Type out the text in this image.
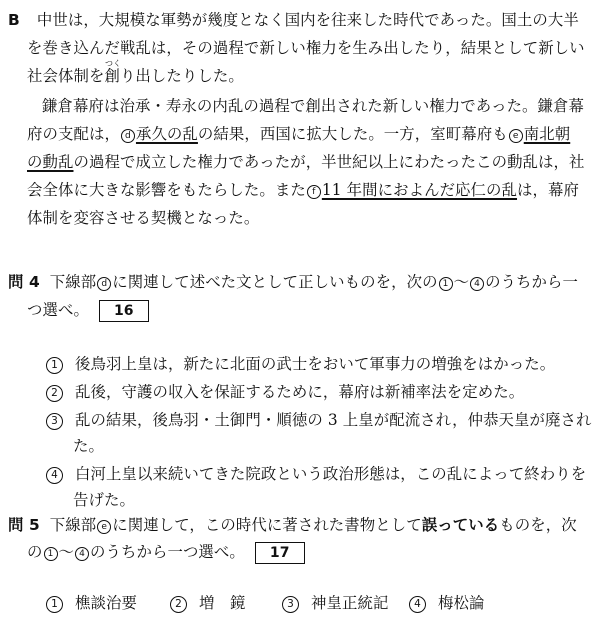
B 中世は，大規模な軍勢が幾度となく国内を往来した時代であった。国土の大半
を巻き込んだ戦乱は，その過程で新しい権力を生み出したり，結果として新しい
つく
社会体制を創り出したりした。
鎌倉幕府は治承・寿永の内乱の過程で創出された新しい権力であった。鎌倉幕
府の支配は， d 承久の乱の結果，西国に拡大した。一方，室町幕府も e 南北朝
の動乱の過程で成立した権力であったが，半世紀以上にわたったこの動乱は，社
会全体に大きな影響をもたらした。また f 11 年間におよんだ応仁の乱は，幕府
体制を変容させる契機となった。
問 4 下線部 d に関連して述べた文として正しいものを，次の 1 〜 4 のうちから一
つ選べ。 16
1 後鳥羽上皇は，新たに北面の武士をおいて軍事力の増強をはかった。
2 乱後，守護の収入を保証するために，幕府は新補率法を定めた。
3 乱の結果，後鳥羽・土御門・順徳の 3 上皇が配流され，仲恭天皇が廃され
た。
4 白河上皇以来続いてきた院政という政治形態は，この乱によって終わりを
告げた。
問 5 下線部 e に関連して，この時代に著された書物として誤っているものを，次
の 1 〜 4 のうちから一つ選べ。 17
1 樵談治要	2 増　鏡	3 神皇正統記	4 梅松論
